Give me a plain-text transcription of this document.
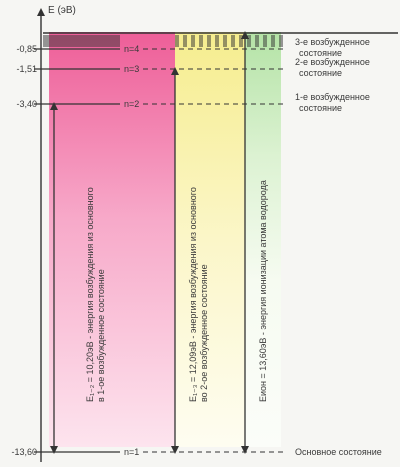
E (эВ)
-0,85	n=4
3-е возбужденное
состояние
-1,51	n=3
2-е возбужденное
состояние
-3,40	n=2
1-е возбужденное
состояние
-13,60	n=1	Основное состояние
E₁₋₂ = 10,20эВ - энергия возбуждения из основного в 1-ое возбужденное состояние	E₁₋₃ = 12,09эВ - энергия возбуждения из основного во 2-ое возбужденное состояние	Eион = 13,60эВ - энергия ионизации атома водорода
